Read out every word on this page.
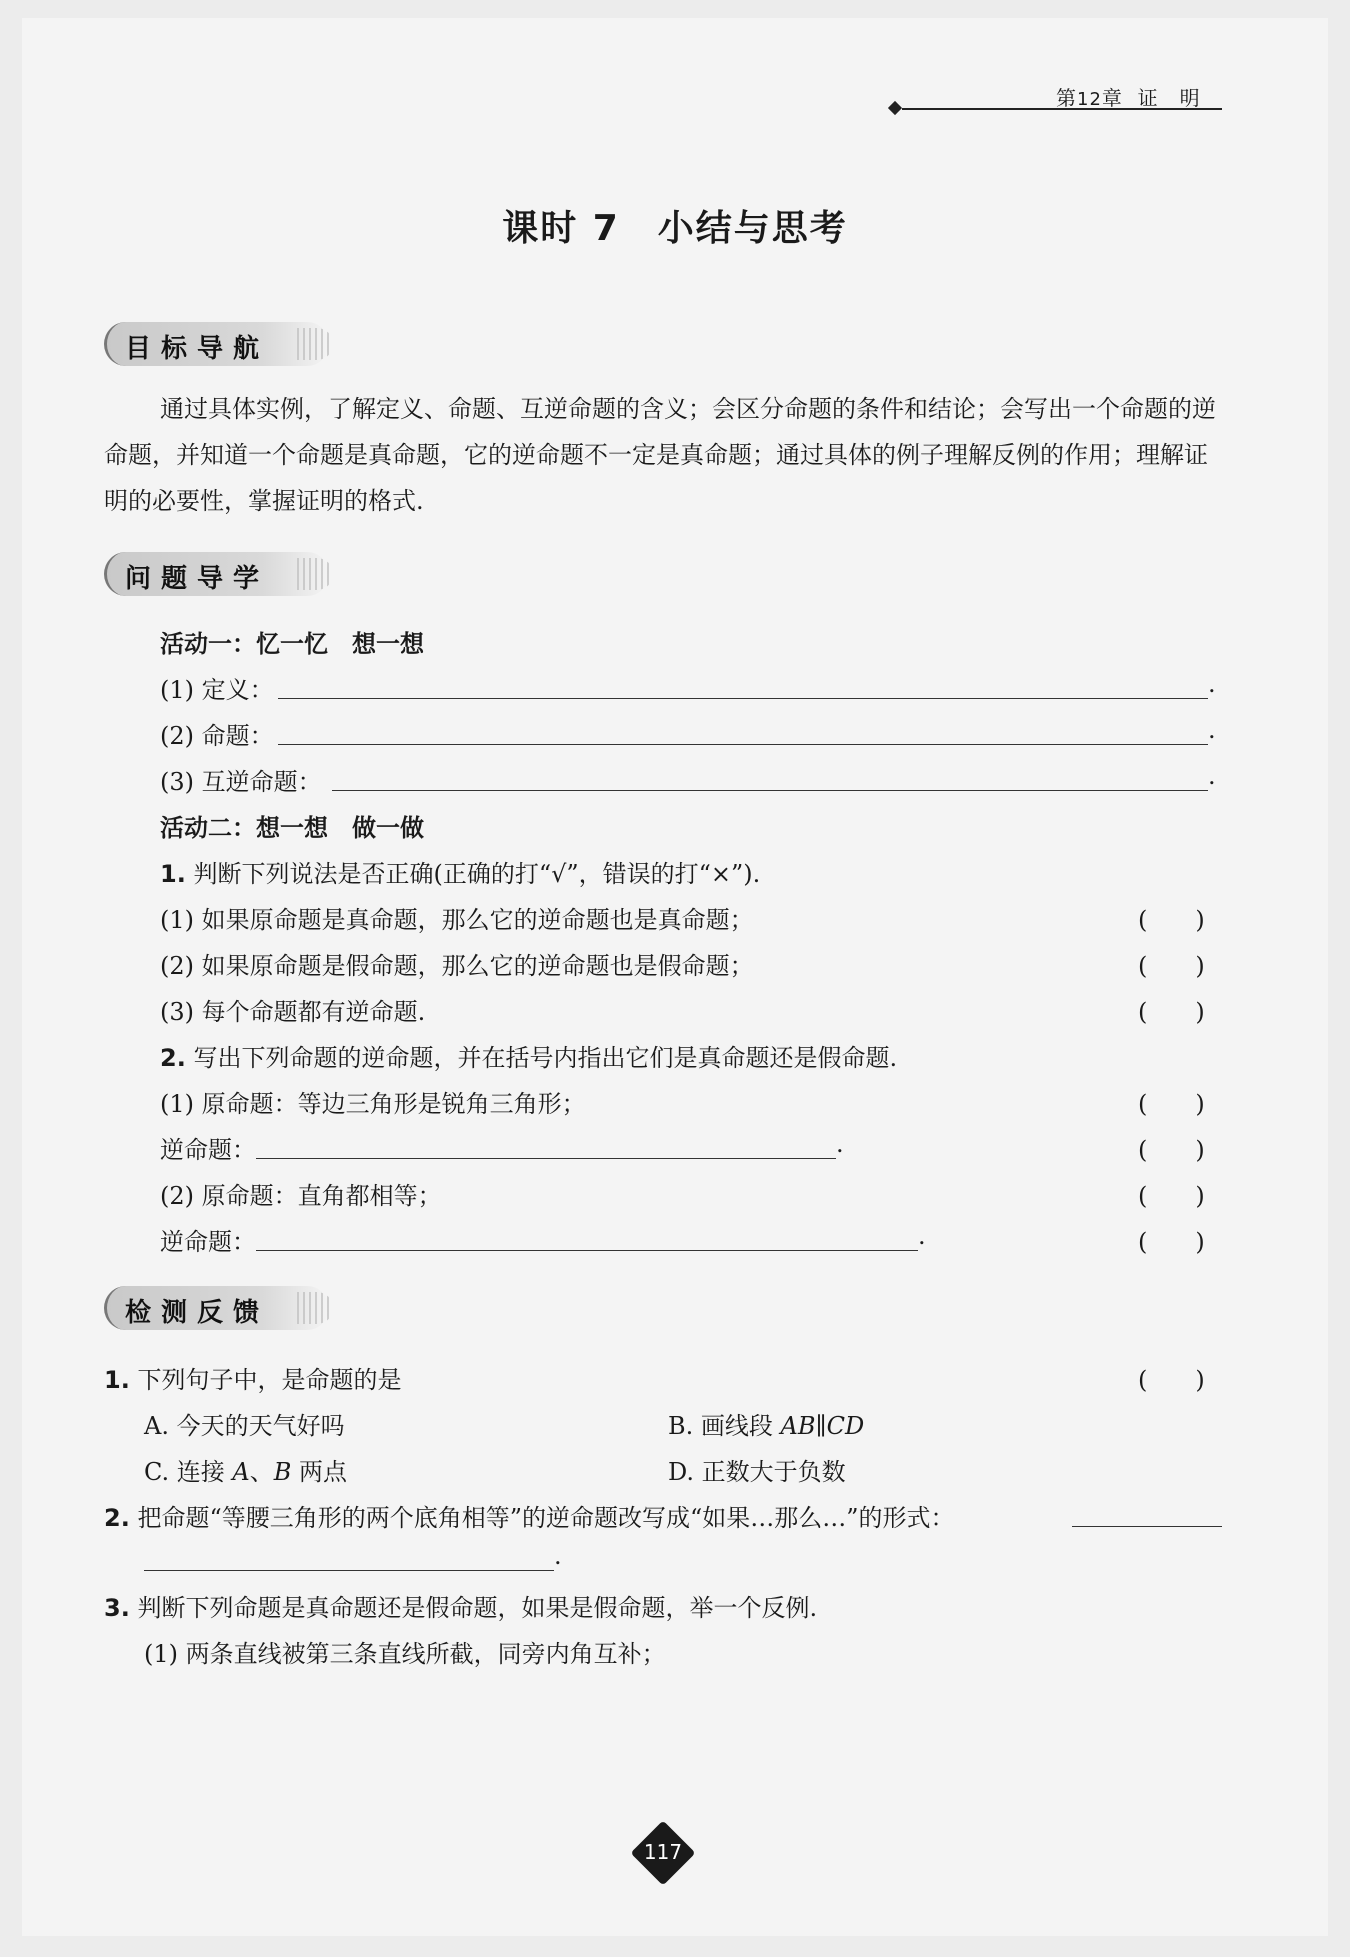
第12章 证　明
课时 7　小结与思考
目标导航
通过具体实例，了解定义、命题、互逆命题的含义；会区分命题的条件和结论；会写出一个命题的逆命题，并知道一个命题是真命题，它的逆命题不一定是真命题；通过具体的例子理解反例的作用；理解证明的必要性，掌握证明的格式.
问题导学
活动一：忆一忆　想一想
(1) 定义：	.
(2) 命题：	.
(3) 互逆命题：	.
活动二：想一想　做一做
1. 判断下列说法是否正确(正确的打“√”，错误的打“×”).
(1) 如果原命题是真命题，那么它的逆命题也是真命题；	(　　)
(2) 如果原命题是假命题，那么它的逆命题也是假命题；	(　　)
(3) 每个命题都有逆命题.	(　　)
2. 写出下列命题的逆命题，并在括号内指出它们是真命题还是假命题.
(1) 原命题：等边三角形是锐角三角形；	(　　)
逆命题：	.	(　　)
(2) 原命题：直角都相等；	(　　)
逆命题：	.	(　　)
检测反馈
1. 下列句子中，是命题的是	(　　)
A. 今天的天气好吗	B. 画线段 AB∥CD
C. 连接 A、B 两点	D. 正数大于负数
2. 把命题“等腰三角形的两个底角相等”的逆命题改写成“如果…那么…”的形式：
.
3. 判断下列命题是真命题还是假命题，如果是假命题，举一个反例.
(1) 两条直线被第三条直线所截，同旁内角互补；
117
